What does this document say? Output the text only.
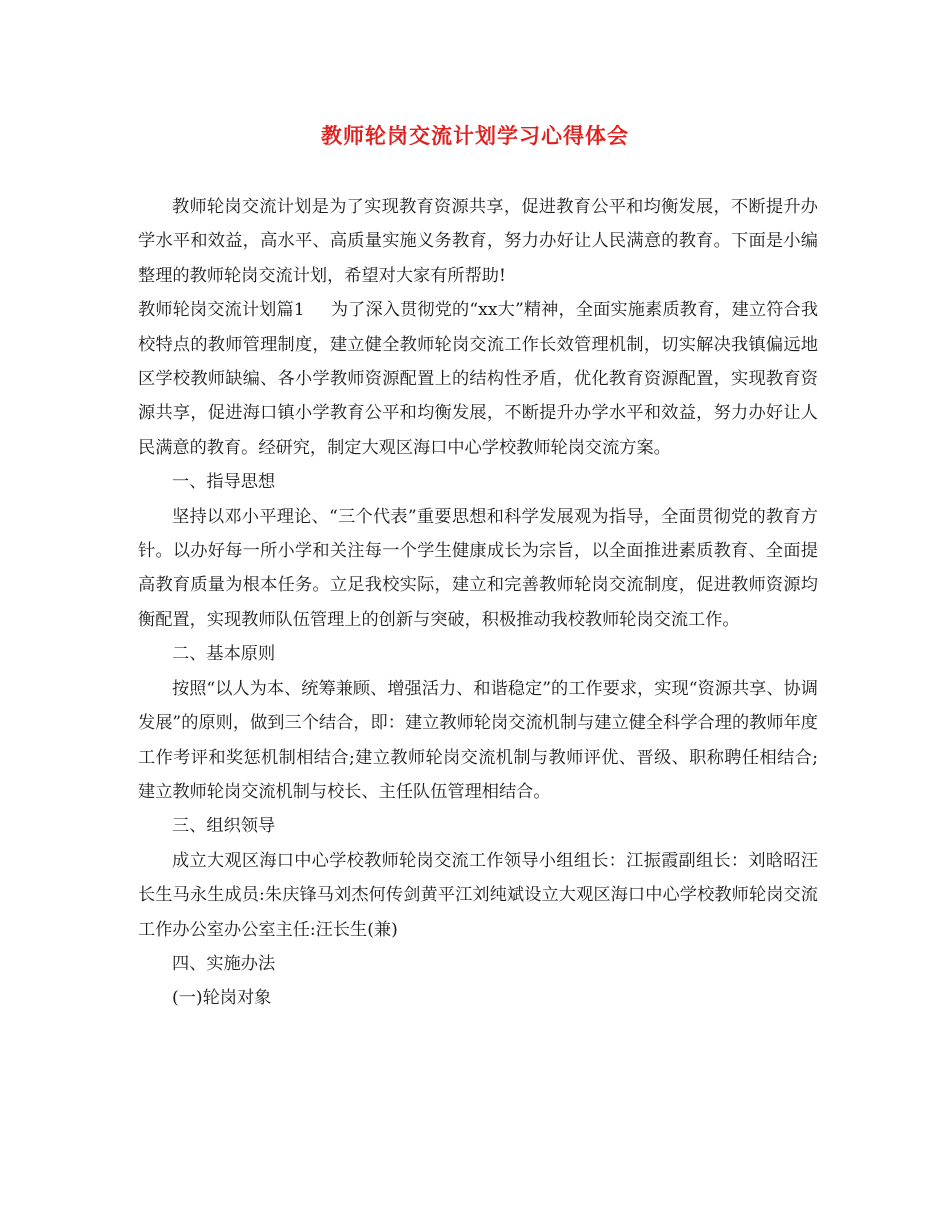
教师轮岗交流计划学习心得体会

教师轮岗交流计划是为了实现教育资源共享，促进教育公平和均衡发展，不断提升办学水平和效益，高水平、高质量实施义务教育，努力办好让人民满意的教育。下面是小编整理的教师轮岗交流计划，希望对大家有所帮助!

教师轮岗交流计划篇1 为了深入贯彻党的“xx大”精神，全面实施素质教育，建立符合我校特点的教师管理制度，建立健全教师轮岗交流工作长效管理机制，切实解决我镇偏远地区学校教师缺编、各小学教师资源配置上的结构性矛盾，优化教育资源配置，实现教育资源共享，促进海口镇小学教育公平和均衡发展，不断提升办学水平和效益，努力办好让人民满意的教育。经研究，制定大观区海口中心学校教师轮岗交流方案。

一、指导思想

坚持以邓小平理论、“三个代表”重要思想和科学发展观为指导，全面贯彻党的教育方针。以办好每一所小学和关注每一个学生健康成长为宗旨，以全面推进素质教育、全面提高教育质量为根本任务。立足我校实际，建立和完善教师轮岗交流制度，促进教师资源均衡配置，实现教师队伍管理上的创新与突破，积极推动我校教师轮岗交流工作。

二、基本原则

按照“以人为本、统筹兼顾、增强活力、和谐稳定”的工作要求，实现“资源共享、协调发展”的原则，做到三个结合，即：建立教师轮岗交流机制与建立健全科学合理的教师年度工作考评和奖惩机制相结合;建立教师轮岗交流机制与教师评优、晋级、职称聘任相结合;建立教师轮岗交流机制与校长、主任队伍管理相结合。

三、组织领导

成立大观区海口中心学校教师轮岗交流工作领导小组组长：江振霞副组长：刘晗昭汪长生马永生成员:朱庆锋马刘杰何传剑黄平江刘纯斌设立大观区海口中心学校教师轮岗交流工作办公室办公室主任:汪长生(兼)

四、实施办法

(一)轮岗对象
